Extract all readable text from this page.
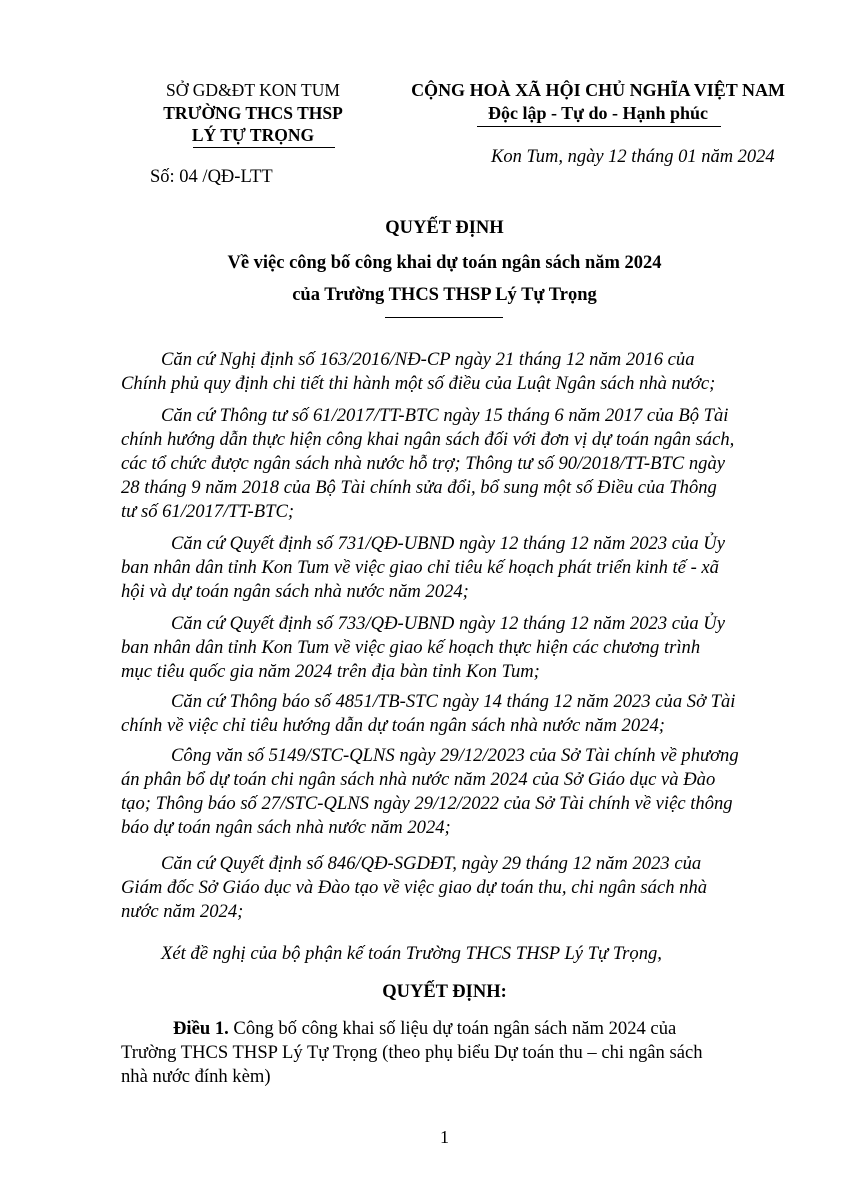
SỞ GD&ĐT KON TUM
TRƯỜNG THCS THSP
LÝ TỰ TRỌNG
CỘNG HOÀ XÃ HỘI CHỦ NGHĨA VIỆT NAM
Độc lập - Tự do - Hạnh phúc
Kon Tum, ngày 12 tháng 01 năm 2024
Số: 04 /QĐ-LTT
QUYẾT ĐỊNH
Về việc công bố công khai dự toán ngân sách năm 2024
của Trường THCS THSP Lý Tự Trọng
Căn cứ Nghị định số 163/2016/NĐ-CP ngày 21 tháng 12 năm 2016 của
Chính phủ quy định chi tiết thi hành một số điều của Luật Ngân sách nhà nước;
Căn cứ Thông tư số 61/2017/TT-BTC ngày 15 tháng 6 năm 2017 của Bộ Tài
chính hướng dẫn thực hiện công khai ngân sách đối với đơn vị dự toán ngân sách,
các tổ chức được ngân sách nhà nước hỗ trợ; Thông tư số 90/2018/TT-BTC ngày
28 tháng 9 năm 2018 của Bộ Tài chính sửa đổi, bổ sung một số Điều của Thông
tư số 61/2017/TT-BTC;
Căn cứ Quyết định số 731/QĐ-UBND ngày 12 tháng 12 năm 2023 của Ủy
ban nhân dân tỉnh Kon Tum về việc giao chỉ tiêu kế hoạch phát triển kinh tế - xã
hội và dự toán ngân sách nhà nước năm 2024;
Căn cứ Quyết định số 733/QĐ-UBND ngày 12 tháng 12 năm 2023 của Ủy
ban nhân dân tỉnh Kon Tum về việc giao kế hoạch thực hiện các chương trình
mục tiêu quốc gia năm 2024 trên địa bàn tỉnh Kon Tum;
Căn cứ Thông báo số 4851/TB-STC ngày 14 tháng 12 năm 2023 của Sở Tài
chính về việc chỉ tiêu hướng dẫn dự toán ngân sách nhà nước năm 2024;
Công văn số 5149/STC-QLNS ngày 29/12/2023 của Sở Tài chính về phương
án phân bổ dự toán chi ngân sách nhà nước năm 2024 của Sở Giáo dục và Đào
tạo; Thông báo số 27/STC-QLNS ngày 29/12/2022 của Sở Tài chính về việc thông
báo dự toán ngân sách nhà nước năm 2024;
Căn cứ Quyết định số 846/QĐ-SGDĐT, ngày 29 tháng 12 năm 2023 của
Giám đốc Sở Giáo dục và Đào tạo về việc giao dự toán thu, chi ngân sách nhà
nước năm 2024;
Xét đề nghị của bộ phận kế toán Trường THCS THSP Lý Tự Trọng,
QUYẾT ĐỊNH:
Điều 1. Công bố công khai số liệu dự toán ngân sách năm 2024 của
Trường THCS THSP Lý Tự Trọng (theo phụ biểu Dự toán thu – chi ngân sách
nhà nước đính kèm)
1
